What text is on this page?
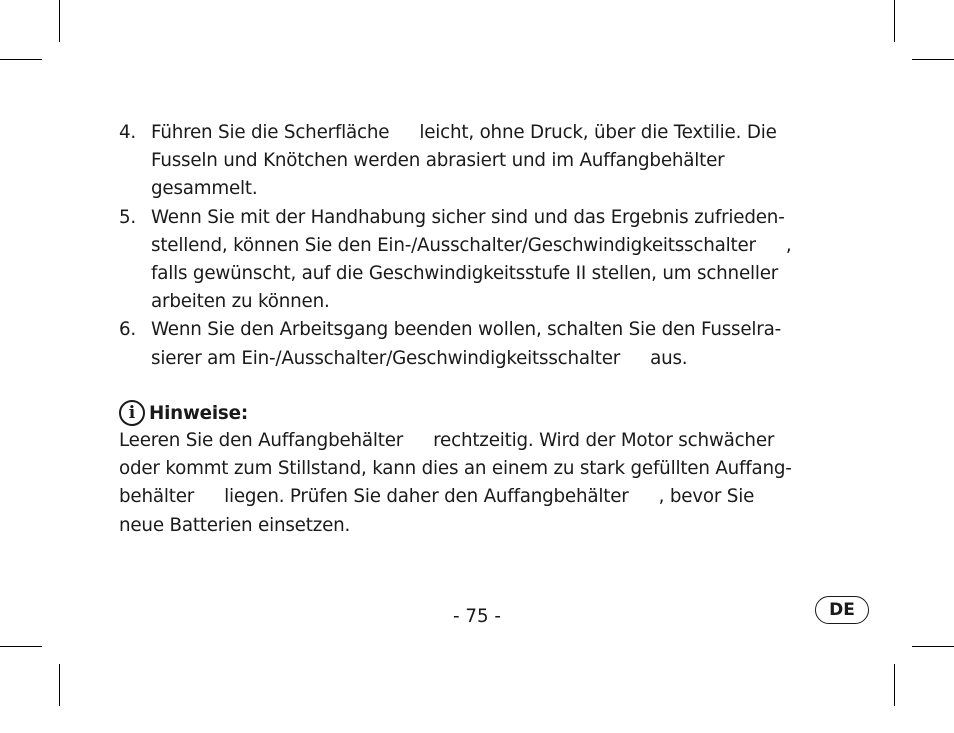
4. Führen Sie die Scherfläche leicht, ohne Druck, über die Textilie. Die
Fusseln und Knötchen werden abrasiert und im Auffangbehälter
gesammelt.
5. Wenn Sie mit der Handhabung sicher sind und das Ergebnis zufrieden-
stellend, können Sie den Ein-/Ausschalter/Geschwindigkeitsschalter ,
falls gewünscht, auf die Geschwindigkeitsstufe II stellen, um schneller
arbeiten zu können.
6. Wenn Sie den Arbeitsgang beenden wollen, schalten Sie den Fusselra-
sierer am Ein-/Ausschalter/Geschwindigkeitsschalter aus.
i Hinweise:

Leeren Sie den Auffangbehälter rechtzeitig. Wird der Motor schwächer
oder kommt zum Stillstand, kann dies an einem zu stark gefüllten Auffang-
behälter liegen. Prüfen Sie daher den Auffangbehälter , bevor Sie
neue Batterien einsetzen.

- 75 -	DE
